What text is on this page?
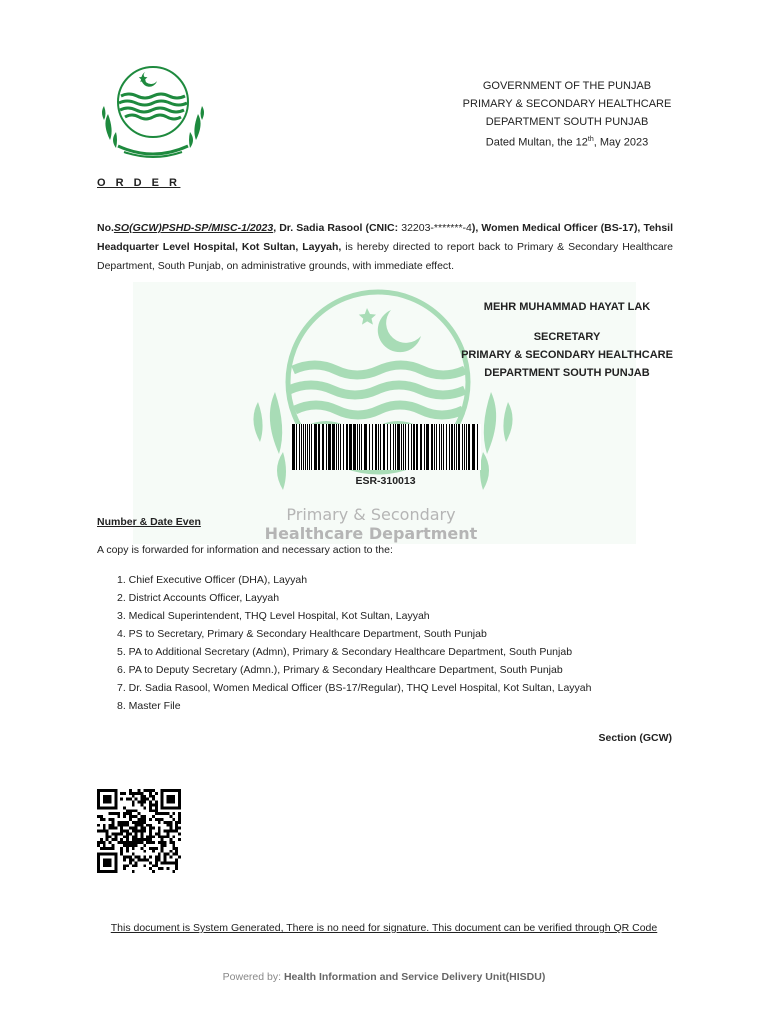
GOVERNMENT OF THE PUNJAB
PRIMARY & SECONDARY HEALTHCARE
DEPARTMENT SOUTH PUNJAB
Dated Multan, the 12th, May 2023
O R D E R
No.SO(GCW)PSHD-SP/MISC-1/2023, Dr. Sadia Rasool (CNIC: 32203-*******-4), Women Medical Officer (BS-17), Tehsil Headquarter Level Hospital, Kot Sultan, Layyah, is hereby directed to report back to Primary & Secondary Healthcare Department, South Punjab, on administrative grounds, with immediate effect.
Primary & Secondary
Healthcare Department
MEHR MUHAMMAD HAYAT LAK
SECRETARY
PRIMARY & SECONDARY HEALTHCARE
DEPARTMENT SOUTH PUNJAB
ESR-310013
Number & Date Even
A copy is forwarded for information and necessary action to the:
1. Chief Executive Officer (DHA), Layyah
2. District Accounts Officer, Layyah
3. Medical Superintendent, THQ Level Hospital, Kot Sultan, Layyah
4. PS to Secretary, Primary & Secondary Healthcare Department, South Punjab
5. PA to Additional Secretary (Admn), Primary & Secondary Healthcare Department, South Punjab
6. PA to Deputy Secretary (Admn.), Primary & Secondary Healthcare Department, South Punjab
7. Dr. Sadia Rasool, Women Medical Officer (BS-17/Regular), THQ Level Hospital, Kot Sultan, Layyah
8. Master File
Section (GCW)
This document is System Generated, There is no need for signature. This document can be verified through QR Code
Powered by: Health Information and Service Delivery Unit(HISDU)
